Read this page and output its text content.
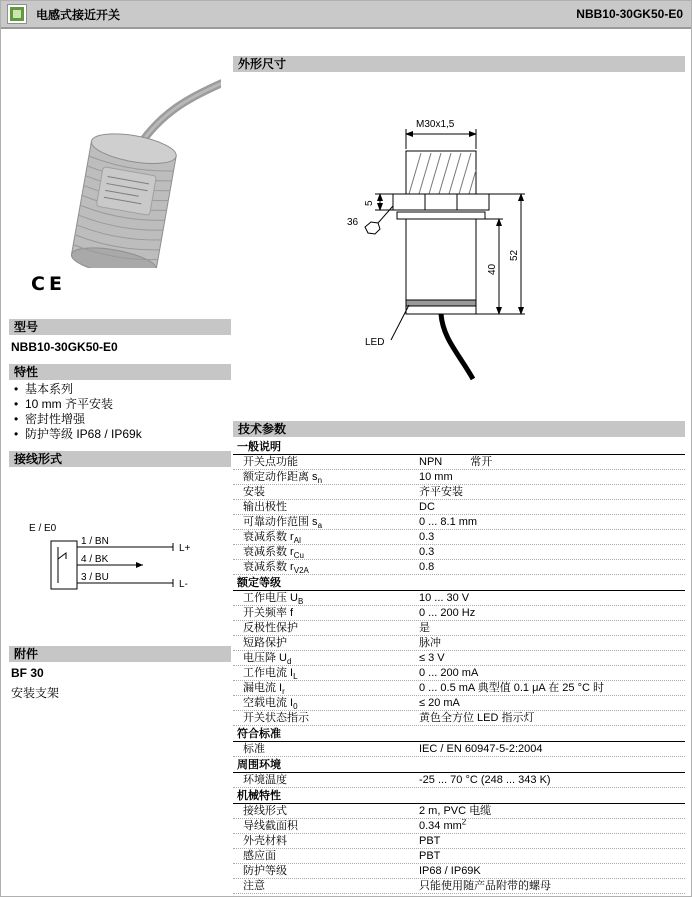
电感式接近开关	NBB10-30GK50-E0
CE
型号
NBB10-30GK50-E0
特性
• 基本系列
• 10 mm 齐平安装
• 密封性增强
• 防护等级 IP68 / IP69k
接线形式
E / E0
1 / BN
4 / BK
3 / BU
L+
L-
附件
BF 30
安装支架
外形尺寸
M30x1,5
5
36
40
52
LED
技术参数
一般说明
开关点功能	NPN	常开
额定动作距离 $s_n$	10 mm
安装	齐平安装
输出极性	DC
可靠动作范围 $s_a$	0 ... 8.1 mm
衰减系数 $r_{Al}$	0.3
衰减系数 $r_{Cu}$	0.3
衰减系数 $r_{V2A}$	0.8
额定等级
工作电压 $U_B$	10 ... 30 V
开关频率 f	0 ... 200 Hz
反极性保护	是
短路保护	脉冲
电压降 $U_d$	≤ 3 V
工作电流 $I_L$	0 ... 200 mA
漏电流 $I_r$	0 ... 0.5 mA 典型值 0.1 μA 在 25 °C 时
空载电流 $I_0$	≤ 20 mA
开关状态指示	黄色全方位 LED 指示灯
符合标准
标准	IEC / EN 60947-5-2:2004
周围环境
环境温度	-25 ... 70 °C (248 ... 343 K)
机械特性
接线形式	2 m, PVC 电缆
导线截面积	0.34 $mm^2$
外壳材料	PBT
感应面	PBT
防护等级	IP68 / IP69K
注意	只能使用随产品附带的螺母
